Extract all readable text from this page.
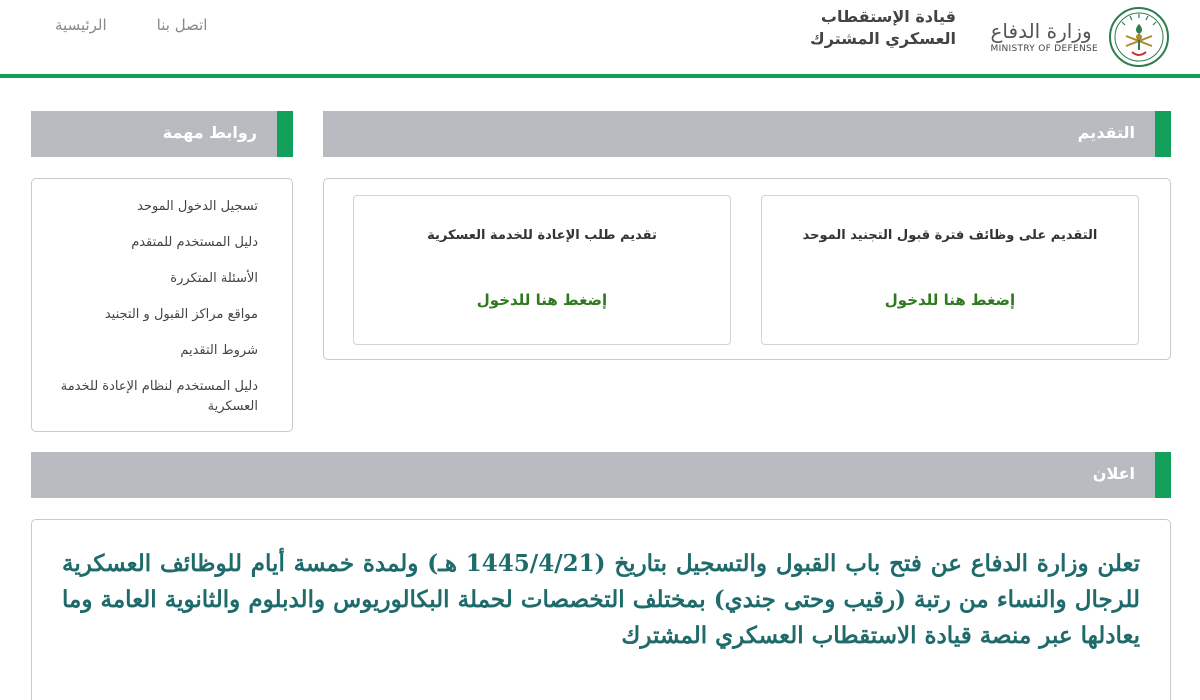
وزارة الدفاع
MINISTRY OF DEFENSE
قيادة الإستقطاب
العسكري المشترك
الرئيسية	اتصل بنا
التقديم
التقديم على وظائف فترة قبول التجنيد الموحد
إضغط هنا للدخول
تقديم طلب الإعادة للخدمة العسكرية
إضغط هنا للدخول
روابط مهمة
تسجيل الدخول الموحد
دليل المستخدم للمتقدم
الأسئلة المتكررة
مواقع مراكز القبول و التجنيد
شروط التقديم
دليل المستخدم لنظام الإعادة للخدمة العسكرية
اعلان

تعلن وزارة الدفاع عن فتح باب القبول والتسجيل بتاريخ (1445/4/21 هـ) ولمدة خمسة أيام للوظائف العسكرية للرجال والنساء من رتبة (رقيب وحتى جندي) بمختلف التخصصات لحملة البكالوريوس والدبلوم والثانوية العامة وما يعادلها عبر منصة قيادة الاستقطاب العسكري المشترك
